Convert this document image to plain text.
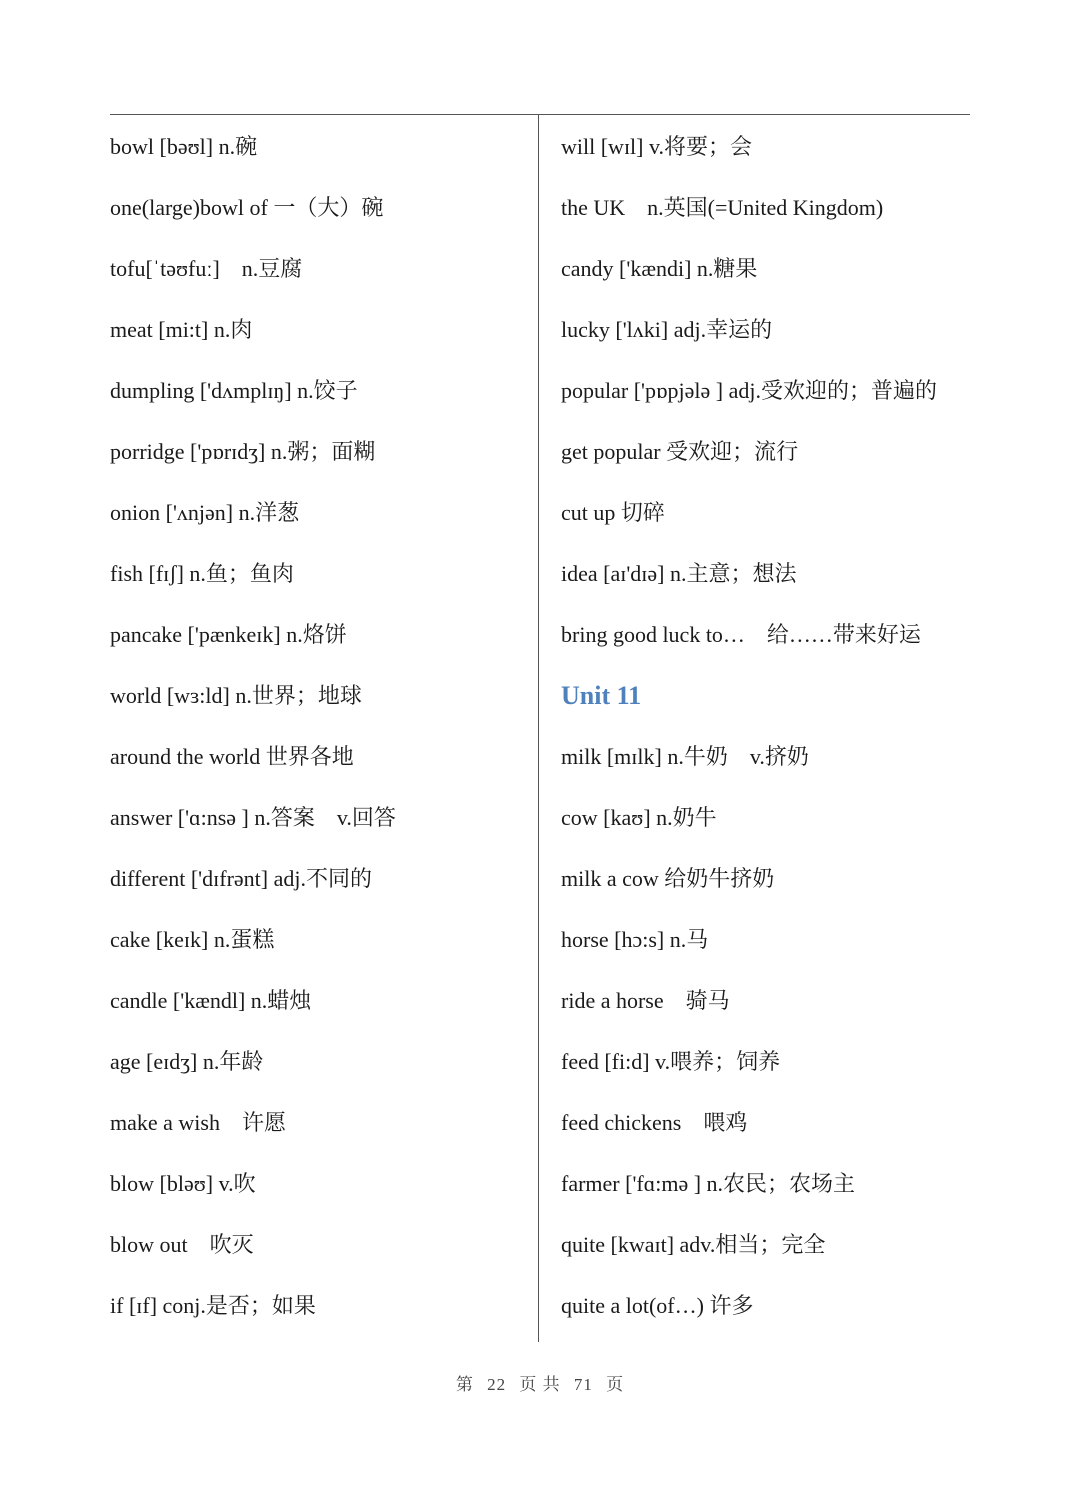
bowl [bəʊl] n.碗
one(large)bowl of 一（大）碗
tofu[ˈtəʊfuː]　n.豆腐
meat [mi:t] n.肉
dumpling ['dʌmplɪŋ] n.饺子
porridge ['pɒrɪdʒ] n.粥；面糊
onion ['ʌnjən] n.洋葱
fish [fɪʃ] n.鱼；鱼肉
pancake ['pænkeɪk] n.烙饼
world [wɜ:ld] n.世界；地球
around the world 世界各地
answer ['ɑ:nsə ] n.答案　v.回答
different ['dɪfrənt] adj.不同的
cake [keɪk] n.蛋糕
candle ['kændl] n.蜡烛
age [eɪdʒ] n.年龄
make a wish　许愿
blow [bləʊ] v.吹
blow out　吹灭
if [ɪf] conj.是否；如果
will [wɪl] v.将要；会
the UK　n.英国(=United Kingdom)
candy ['kændi] n.糖果
lucky ['lʌki] adj.幸运的
popular ['pɒpjələ ] adj.受欢迎的；普遍的
get popular 受欢迎；流行
cut up 切碎
idea [aɪ'dɪə] n.主意；想法
bring good luck to…　给……带来好运
Unit 11
milk [mɪlk] n.牛奶　v.挤奶
cow [kaʊ] n.奶牛
milk a cow 给奶牛挤奶
horse [hɔ:s] n.马
ride a horse　骑马
feed [fi:d] v.喂养；饲养
feed chickens　喂鸡
farmer ['fɑ:mə ] n.农民；农场主
quite [kwaɪt] adv.相当；完全
quite a lot(of…) 许多
第 22 页 共 71 页
